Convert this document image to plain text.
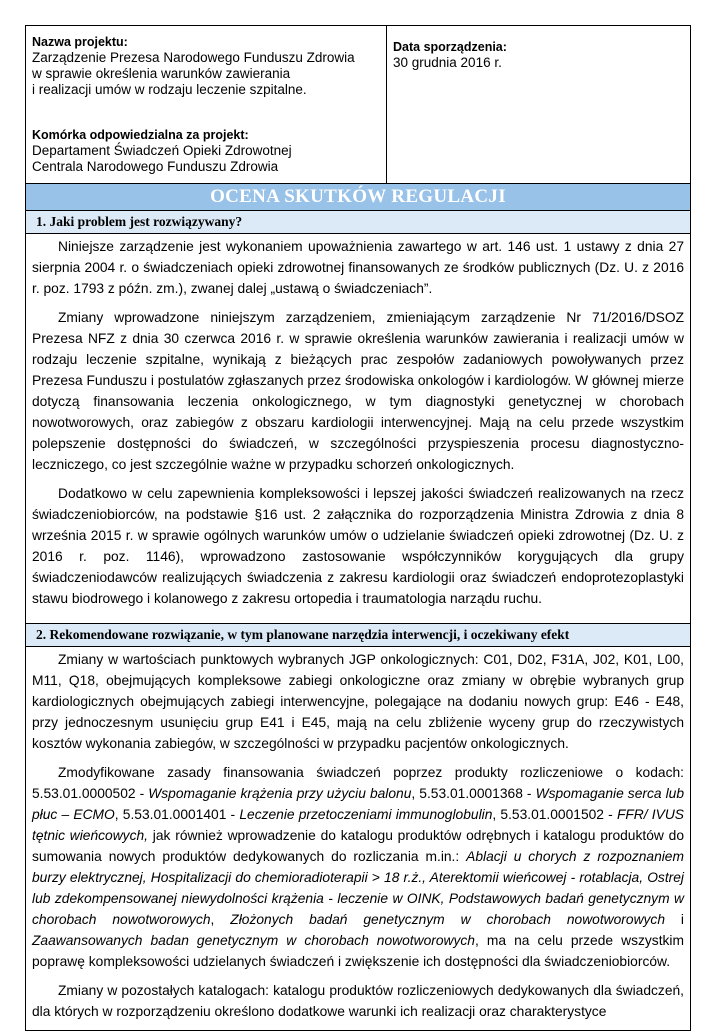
Nazwa projektu:
Zarządzenie Prezesa Narodowego Funduszu Zdrowia
w sprawie określenia warunków zawierania
i realizacji umów w rodzaju leczenie szpitalne.
Komórka odpowiedzialna za projekt:
Departament Świadczeń Opieki Zdrowotnej
Centrala Narodowego Funduszu Zdrowia
Data sporządzenia:
30 grudnia 2016 r.
OCENA SKUTKÓW REGULACJI
1. Jaki problem jest rozwiązywany?

Niniejsze zarządzenie jest wykonaniem upoważnienia zawartego w art. 146 ust. 1 ustawy z dnia 27 sierpnia 2004 r. o świadczeniach opieki zdrowotnej finansowanych ze środków publicznych (Dz. U. z 2016 r. poz. 1793 z późn. zm.), zwanej dalej „ustawą o świadczeniach”.

Zmiany wprowadzone niniejszym zarządzeniem, zmieniającym zarządzenie Nr 71/2016/DSOZ Prezesa NFZ z dnia 30 czerwca 2016 r. w sprawie określenia warunków zawierania i realizacji umów w rodzaju leczenie szpitalne, wynikają z bieżących prac zespołów zadaniowych powoływanych przez Prezesa Funduszu i postulatów zgłaszanych przez środowiska onkologów i kardiologów. W głównej mierze dotyczą finansowania leczenia onkologicznego, w tym diagnostyki genetycznej w chorobach nowotworowych, oraz zabiegów z obszaru kardiologii interwencyjnej. Mają na celu przede wszystkim polepszenie dostępności do świadczeń, w szczególności przyspieszenia procesu diagnostyczno-leczniczego, co jest szczególnie ważne w przypadku schorzeń onkologicznych.

Dodatkowo w celu zapewnienia kompleksowości i lepszej jakości świadczeń realizowanych na rzecz świadczeniobiorców, na podstawie §16 ust. 2 załącznika do rozporządzenia Ministra Zdrowia z dnia 8 września 2015 r. w sprawie ogólnych warunków umów o udzielanie świadczeń opieki zdrowotnej (Dz. U. z 2016 r. poz. 1146), wprowadzono zastosowanie współczynników korygujących dla grupy świadczeniodawców realizujących świadczenia z zakresu kardiologii oraz świadczeń endoprotezoplastyki stawu biodrowego i kolanowego z zakresu ortopedia i traumatologia narządu ruchu.

2. Rekomendowane rozwiązanie, w tym planowane narzędzia interwencji, i oczekiwany efekt

Zmiany w wartościach punktowych wybranych JGP onkologicznych: C01, D02, F31A, J02, K01, L00, M11, Q18, obejmujących kompleksowe zabiegi onkologiczne oraz zmiany w obrębie wybranych grup kardiologicznych obejmujących zabiegi interwencyjne, polegające na dodaniu nowych grup: E46 - E48, przy jednoczesnym usunięciu grup E41 i E45, mają na celu zbliżenie wyceny grup do rzeczywistych kosztów wykonania zabiegów, w szczególności w przypadku pacjentów onkologicznych.

Zmodyfikowane zasady finansowania świadczeń poprzez produkty rozliczeniowe o kodach: 5.53.01.0000502 - Wspomaganie krążenia przy użyciu balonu, 5.53.01.0001368 - Wspomaganie serca lub płuc – ECMO, 5.53.01.0001401 - Leczenie przetoczeniami immunoglobulin, 5.53.01.0001502 - FFR/ IVUS tętnic wieńcowych, jak również wprowadzenie do katalogu produktów odrębnych i katalogu produktów do sumowania nowych produktów dedykowanych do rozliczania m.in.: Ablacji u chorych z rozpoznaniem burzy elektrycznej, Hospitalizacji do chemioradioterapii > 18 r.ż., Aterektomii wieńcowej - rotablacja, Ostrej lub zdekompensowanej niewydolności krążenia - leczenie w OINK, Podstawowych badań genetycznym w chorobach nowotworowych, Złożonych badań genetycznym w chorobach nowotworowych i Zaawansowanych badan genetycznym w chorobach nowotworowych, ma na celu przede wszystkim poprawę kompleksowości udzielanych świadczeń i zwiększenie ich dostępności dla świadczeniobiorców.

Zmiany w pozostałych katalogach: katalogu produktów rozliczeniowych dedykowanych dla świadczeń, dla których w rozporządzeniu określono dodatkowe warunki ich realizacji oraz charakterystyce
